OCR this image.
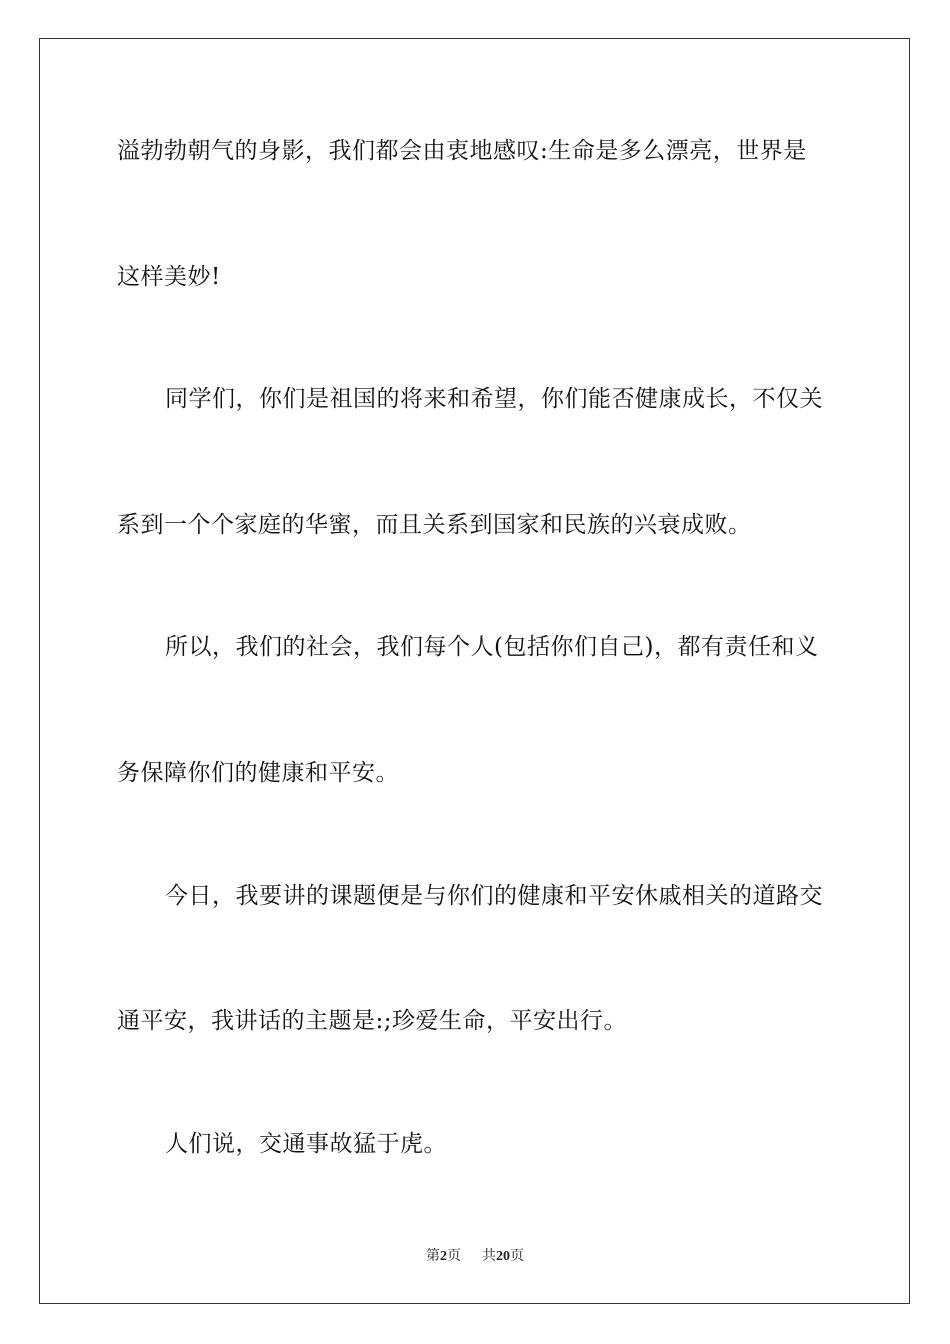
溢勃勃朝气的身影，我们都会由衷地感叹:生命是多么漂亮，世界是
这样美妙!
同学们，你们是祖国的将来和希望，你们能否健康成长，不仅关
系到一个个家庭的华蜜，而且关系到国家和民族的兴衰成败。
所以，我们的社会，我们每个人(包括你们自己)，都有责任和义
务保障你们的健康和平安。
今日，我要讲的课题便是与你们的健康和平安休戚相关的道路交
通平安，我讲话的主题是:;珍爱生命，平安出行。
人们说，交通事故猛于虎。
第2页 共20页
